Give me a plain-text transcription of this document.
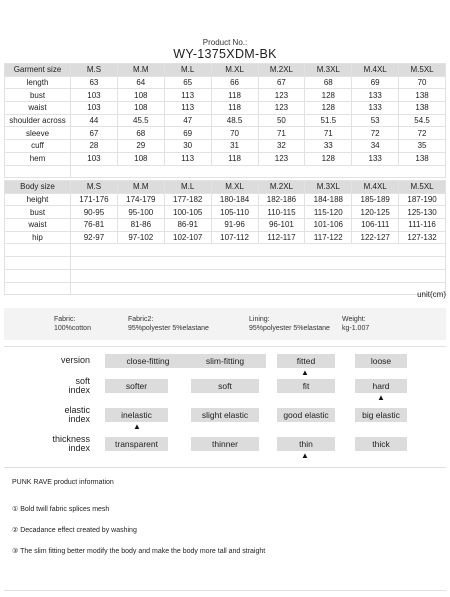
Product No.:
WY-1375XDM-BK
Garment size	M.S	M.M	M.L	M.XL	M.2XL	M.3XL	M.4XL	M.5XL
length	63	64	65	66	67	68	69	70
bust	103	108	113	118	123	128	133	138
waist	103	108	113	118	123	128	133	138
shoulder across	44	45.5	47	48.5	50	51.5	53	54.5
sleeve	67	68	69	70	71	71	72	72
cuff	28	29	30	31	32	33	34	35
hem	103	108	113	118	123	128	133	138

Body size	M.S	M.M	M.L	M.XL	M.2XL	M.3XL	M.4XL	M.5XL
height	171-176	174-179	177-182	180-184	182-186	184-188	185-189	187-190
bust	90-95	95-100	100-105	105-110	110-115	115-120	120-125	125-130
waist	76-81	81-86	86-91	91-96	96-101	101-106	106-111	111-116
hip	92-97	97-102	102-107	107-112	112-117	117-122	122-127	127-132

unit(cm)
Fabric:
100%cotton
Fabric2:
95%polyester 5%elastane
Lining:
95%polyester 5%elastane
Weight:
kg-1.007
version	close-fitting	slim-fitting	fitted	loose
▲
soft
index	softer	soft	fit	hard
▲
elastic
index	inelastic	slight elastic	good elastic	big elastic
▲
thickness
index	transparent	thinner	thin	thick
▲
PUNK RAVE product information
① Bold twill fabric splices mesh
② Decadance effect created by washing
③ The slim fitting better modify the body and make the body more tall and straight
